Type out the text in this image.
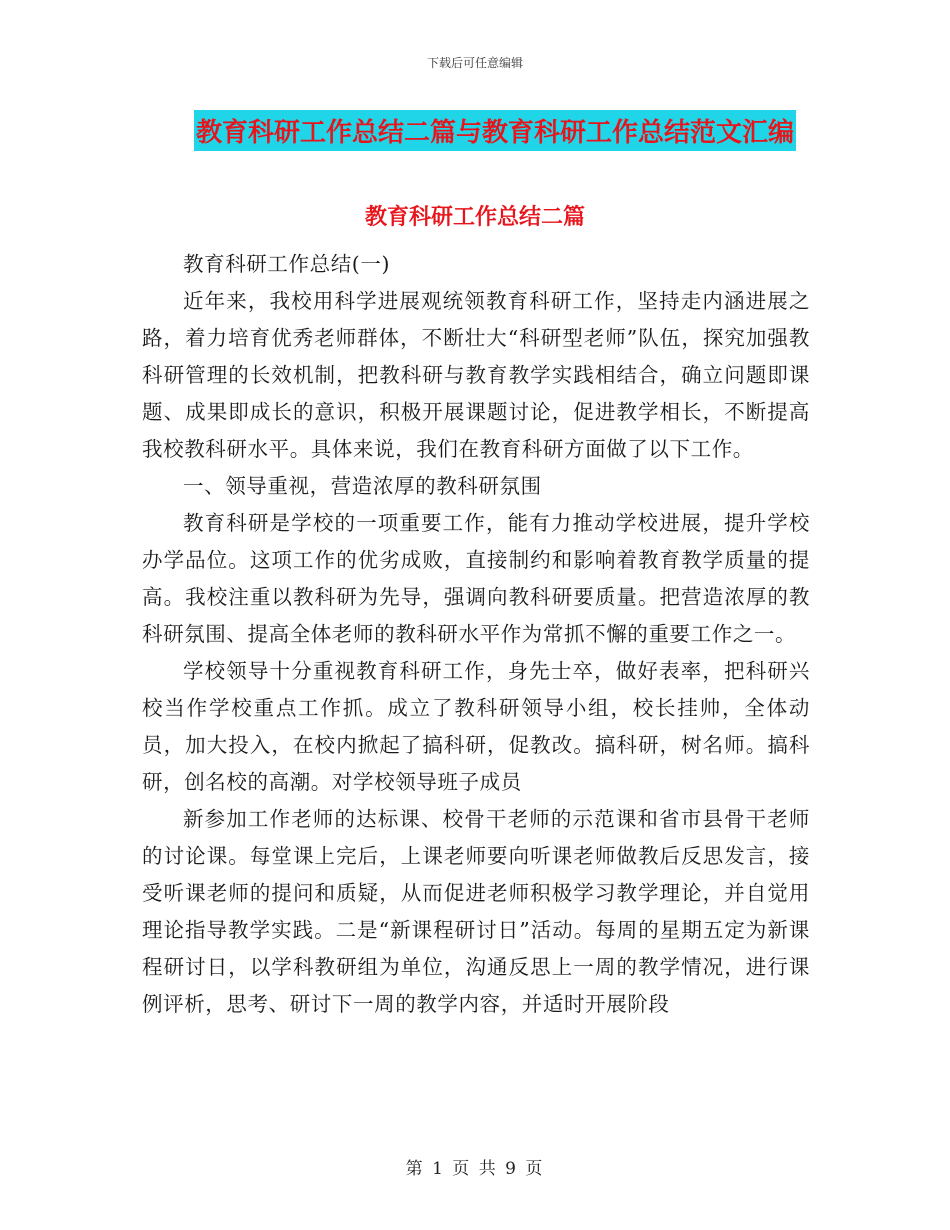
下载后可任意编辑
教育科研工作总结二篇与教育科研工作总结范文汇编
教育科研工作总结二篇

教育科研工作总结(一)

近年来，我校用科学进展观统领教育科研工作，坚持走内涵进展之路，着力培育优秀老师群体，不断壮大“科研型老师”队伍，探究加强教科研管理的长效机制，把教科研与教育教学实践相结合，确立问题即课题、成果即成长的意识，积极开展课题讨论，促进教学相长，不断提高我校教科研水平。具体来说，我们在教育科研方面做了以下工作。

一、领导重视，营造浓厚的教科研氛围

教育科研是学校的一项重要工作，能有力推动学校进展，提升学校办学品位。这项工作的优劣成败，直接制约和影响着教育教学质量的提高。我校注重以教科研为先导，强调向教科研要质量。把营造浓厚的教科研氛围、提高全体老师的教科研水平作为常抓不懈的重要工作之一。

学校领导十分重视教育科研工作，身先士卒，做好表率，把科研兴校当作学校重点工作抓。成立了教科研领导小组，校长挂帅，全体动员，加大投入，在校内掀起了搞科研，促教改。搞科研，树名师。搞科研，创名校的高潮。对学校领导班子成员

新参加工作老师的达标课、校骨干老师的示范课和省市县骨干老师的讨论课。每堂课上完后，上课老师要向听课老师做教后反思发言，接受听课老师的提问和质疑，从而促进老师积极学习教学理论，并自觉用理论指导教学实践。二是“新课程研讨日”活动。每周的星期五定为新课程研讨日，以学科教研组为单位，沟通反思上一周的教学情况，进行课例评析，思考、研讨下一周的教学内容，并适时开展阶段

第 1 页 共 9 页
